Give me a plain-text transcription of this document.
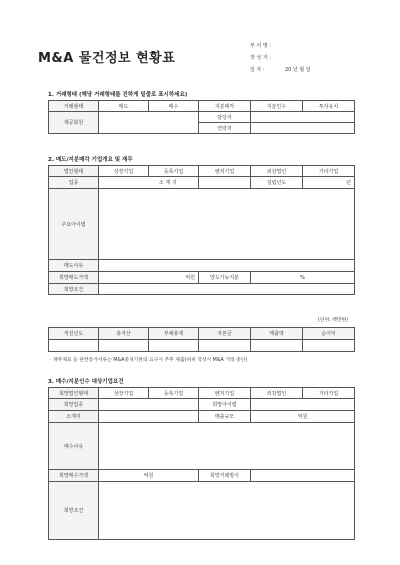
M&A 물건정보 현황표
부 서 명 :
작 성 자 :
일 자 :	20 년 월 일
1. 거래형태 (해당 거래형태를 진하게 밑줄로 표시하세요)
거래형태	매도	매수	지분매각	지분인수	투자유치
제공회원			담당자		
			연락처		
2. 매도/지분매각 기업개요 및 재무
법인형태	상장기업	등록기업	벤처기업	외감법인	기타기업
업종	소 재 지			설립년도	년
주요아이템					
매도사유					
희망매도가액	억원		양도가능지분	%	
희망조건					
(단위: 백만원)
직전년도	총자산	부채총계	자본금	매출액	순이익

· 재무제표 등 관련증거서류는 M&A중개기관의 요구시 추후 제출(허위 작성시 M&A 거래 중단)
3. 매수/지분인수 대상기업요건
희망법인형태	상장기업	등록기업	벤처기업	외감법인	기타기업
희망업종			희망아이템		
소재지			매출규모	억원	
매수사유					
희망매수가액	억원		희망거래방식		
희망조건					
